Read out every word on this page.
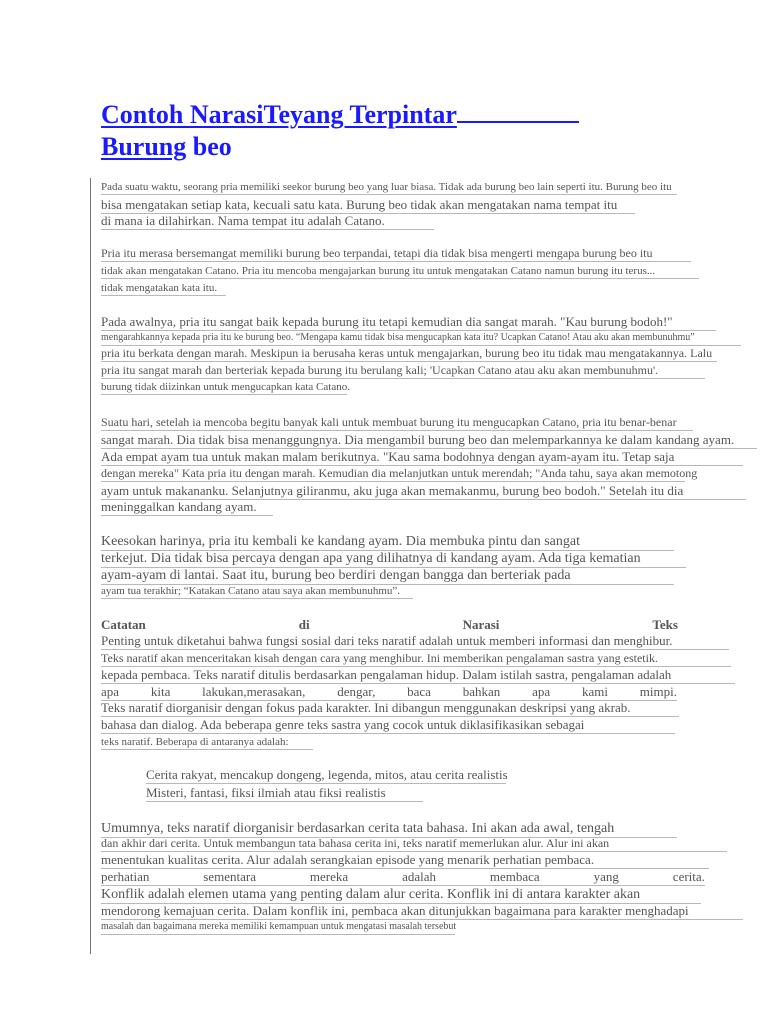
Contoh NarasiTeyang Terpintar
Burung beo
Pada suatu waktu, seorang pria memiliki seekor burung beo yang luar biasa. Tidak ada burung beo lain seperti itu. Burung beo itu
bisa mengatakan setiap kata, kecuali satu kata. Burung beo tidak akan mengatakan nama tempat itu
di mana ia dilahirkan. Nama tempat itu adalah Catano.
Pria itu merasa bersemangat memiliki burung beo terpandai, tetapi dia tidak bisa mengerti mengapa burung beo itu
tidak akan mengatakan Catano. Pria itu mencoba mengajarkan burung itu untuk mengatakan Catano namun burung itu terus...
tidak mengatakan kata itu.
Pada awalnya, pria itu sangat baik kepada burung itu tetapi kemudian dia sangat marah. "Kau burung bodoh!"
mengarahkannya kepada pria itu ke burung beo. “Mengapa kamu tidak bisa mengucapkan kata itu? Ucapkan Catano! Atau aku akan membunuhmu”
pria itu berkata dengan marah. Meskipun ia berusaha keras untuk mengajarkan, burung beo itu tidak mau mengatakannya. Lalu
pria itu sangat marah dan berteriak kepada burung itu berulang kali; 'Ucapkan Catano atau aku akan membunuhmu'.
burung tidak diizinkan untuk mengucapkan kata Catano.
Suatu hari, setelah ia mencoba begitu banyak kali untuk membuat burung itu mengucapkan Catano, pria itu benar-benar
sangat marah. Dia tidak bisa menanggungnya. Dia mengambil burung beo dan melemparkannya ke dalam kandang ayam.
Ada empat ayam tua untuk makan malam berikutnya. "Kau sama bodohnya dengan ayam-ayam itu. Tetap saja
dengan mereka" Kata pria itu dengan marah. Kemudian dia melanjutkan untuk merendah; "Anda tahu, saya akan memotong
ayam untuk makananku. Selanjutnya giliranmu, aku juga akan memakanmu, burung beo bodoh." Setelah itu dia
meninggalkan kandang ayam.
Keesokan harinya, pria itu kembali ke kandang ayam. Dia membuka pintu dan sangat
terkejut. Dia tidak bisa percaya dengan apa yang dilihatnya di kandang ayam. Ada tiga kematian
ayam-ayam di lantai. Saat itu, burung beo berdiri dengan bangga dan berteriak pada
ayam tua terakhir; “Katakan Catano atau saya akan membunuhmu”.
Catatan	di	Narasi	Teks
Penting untuk diketahui bahwa fungsi sosial dari teks naratif adalah untuk memberi informasi dan menghibur.
Teks naratif akan menceritakan kisah dengan cara yang menghibur. Ini memberikan pengalaman sastra yang estetik.
kepada pembaca. Teks naratif ditulis berdasarkan pengalaman hidup. Dalam istilah sastra, pengalaman adalah
apa kita lakukan,merasakan, dengar, baca bahkan apa kami mimpi.
Teks naratif diorganisir dengan fokus pada karakter. Ini dibangun menggunakan deskripsi yang akrab.
bahasa dan dialog. Ada beberapa genre teks sastra yang cocok untuk diklasifikasikan sebagai
teks naratif. Beberapa di antaranya adalah:
Cerita rakyat, mencakup dongeng, legenda, mitos, atau cerita realistis
Misteri, fantasi, fiksi ilmiah atau fiksi realistis
Umumnya, teks naratif diorganisir berdasarkan cerita tata bahasa. Ini akan ada awal, tengah
dan akhir dari cerita. Untuk membangun tata bahasa cerita ini, teks naratif memerlukan alur. Alur ini akan
menentukan kualitas cerita. Alur adalah serangkaian episode yang menarik perhatian pembaca.
perhatian	sementara	mereka	adalah	membaca	yang	cerita.
Konflik adalah elemen utama yang penting dalam alur cerita. Konflik ini di antara karakter akan
mendorong kemajuan cerita. Dalam konflik ini, pembaca akan ditunjukkan bagaimana para karakter menghadapi
masalah dan bagaimana mereka memiliki kemampuan untuk mengatasi masalah tersebut
